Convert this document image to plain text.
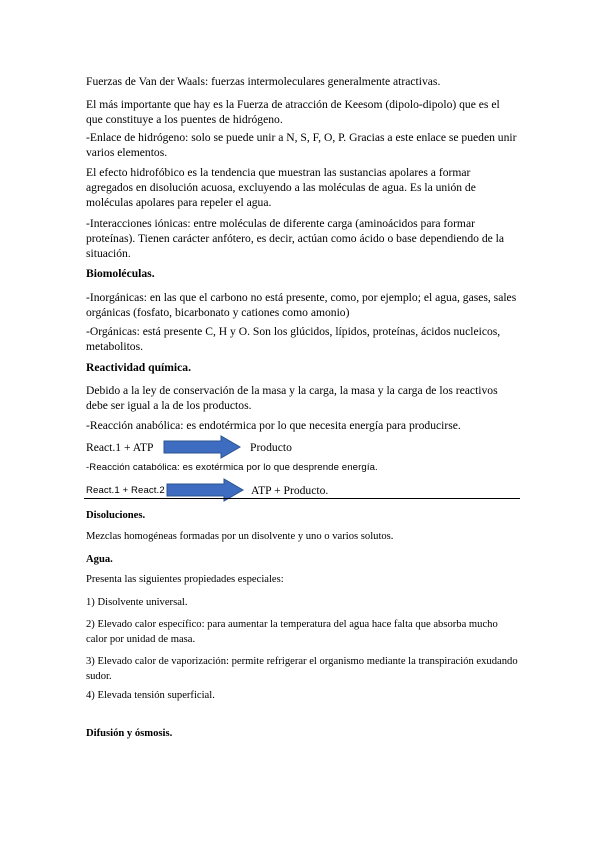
Fuerzas de Van der Waals: fuerzas intermoleculares generalmente atractivas.

El más importante que hay es la Fuerza de atracción de Keesom (dipolo-dipolo) que es el que constituye a los puentes de hidrógeno.

-Enlace de hidrógeno: solo se puede unir a N, S, F, O, P. Gracias a este enlace se pueden unir varios elementos.

El efecto hidrofóbico es la tendencia que muestran las sustancias apolares a formar agregados en disolución acuosa, excluyendo a las moléculas de agua. Es la unión de moléculas apolares para repeler el agua.

-Interacciones iónicas: entre moléculas de diferente carga (aminoácidos para formar proteínas). Tienen carácter anfótero, es decir, actúan como ácido o base dependiendo de la situación.

Biomoléculas.

-Inorgánicas: en las que el carbono no está presente, como, por ejemplo; el agua, gases, sales orgánicas (fosfato, bicarbonato y cationes como amonio)

-Orgánicas: está presente C, H y O. Son los glúcidos, lípidos, proteínas, ácidos nucleicos, metabolitos.

Reactividad química.

Debido a la ley de conservación de la masa y la carga, la masa y la carga de los reactivos debe ser igual a la de los productos.

-Reacción anabólica: es endotérmica por lo que necesita energía para producirse.

React.1 + ATP	Producto

-Reacción catabólica: es exotérmica por lo que desprende energía.

React.1 + React.2	ATP + Producto.

Disoluciones.

Mezclas homogéneas formadas por un disolvente y uno o varios solutos.

Agua.

Presenta las siguientes propiedades especiales:

1) Disolvente universal.

2) Elevado calor específico: para aumentar la temperatura del agua hace falta que absorba mucho calor por unidad de masa.

3) Elevado calor de vaporización: permite refrigerar el organismo mediante la transpiración exudando sudor.

4) Elevada tensión superficial.

Difusión y ósmosis.
